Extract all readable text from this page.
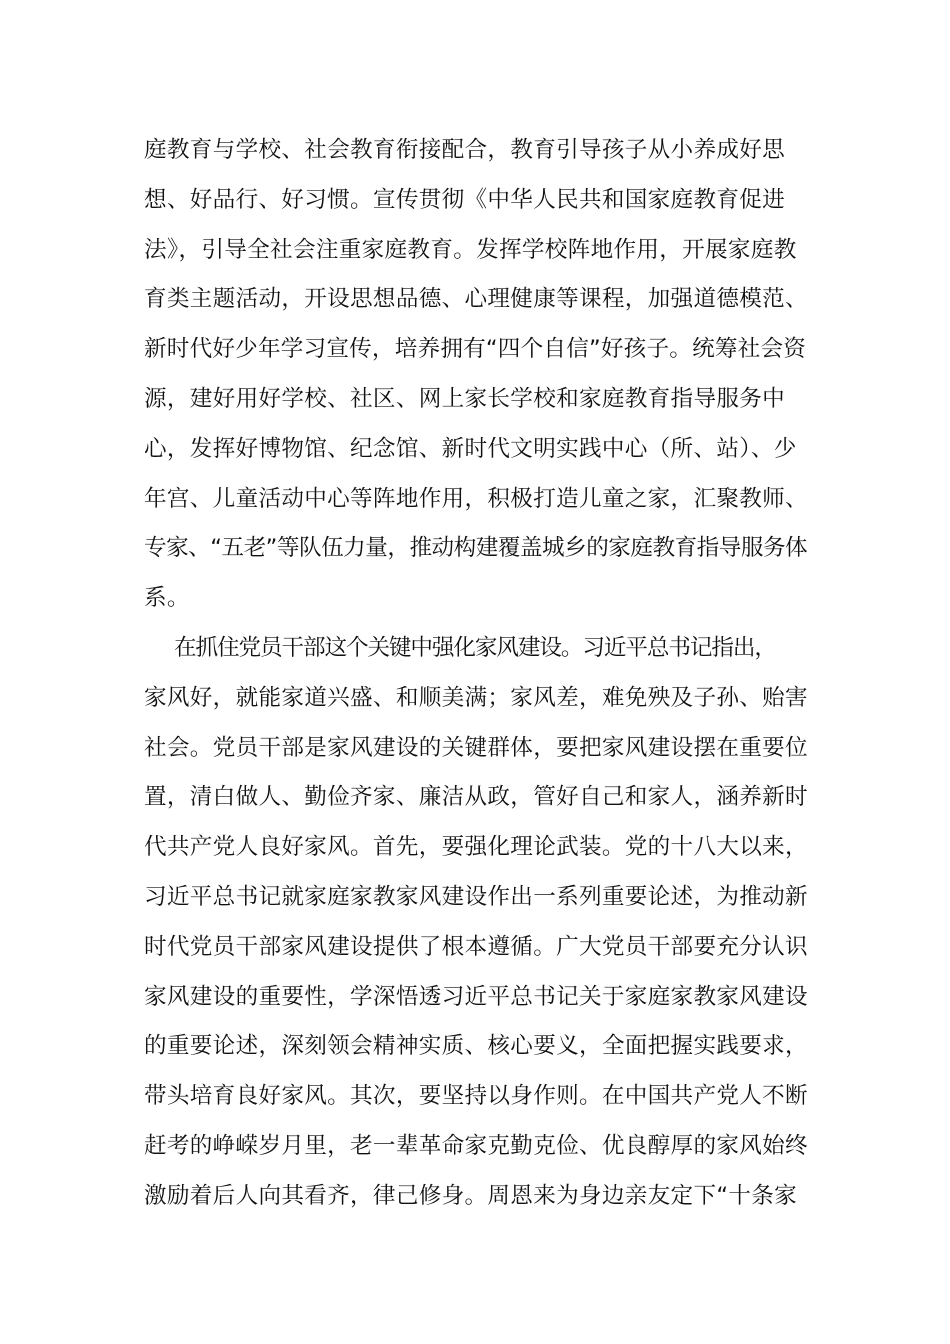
庭教育与学校、社会教育衔接配合，教育引导孩子从小养成好思
想、好品行、好习惯。宣传贯彻《中华人民共和国家庭教育促进
法》，引导全社会注重家庭教育。发挥学校阵地作用，开展家庭教
育类主题活动，开设思想品德、心理健康等课程，加强道德模范、
新时代好少年学习宣传，培养拥有“四个自信”好孩子。统筹社会资
源，建好用好学校、社区、网上家长学校和家庭教育指导服务中
心，发挥好博物馆、纪念馆、新时代文明实践中心（所、站）、少
年宫、儿童活动中心等阵地作用，积极打造儿童之家，汇聚教师、
专家、“五老”等队伍力量，推动构建覆盖城乡的家庭教育指导服务体
系。
在抓住党员干部这个关键中强化家风建设。习近平总书记指出，
家风好，就能家道兴盛、和顺美满；家风差，难免殃及子孙、贻害
社会。党员干部是家风建设的关键群体，要把家风建设摆在重要位
置，清白做人、勤俭齐家、廉洁从政，管好自己和家人，涵养新时
代共产党人良好家风。首先，要强化理论武装。党的十八大以来，
习近平总书记就家庭家教家风建设作出一系列重要论述，为推动新
时代党员干部家风建设提供了根本遵循。广大党员干部要充分认识
家风建设的重要性，学深悟透习近平总书记关于家庭家教家风建设
的重要论述，深刻领会精神实质、核心要义，全面把握实践要求，
带头培育良好家风。其次，要坚持以身作则。在中国共产党人不断
赶考的峥嵘岁月里，老一辈革命家克勤克俭、优良醇厚的家风始终
激励着后人向其看齐，律己修身。周恩来为身边亲友定下“十条家
